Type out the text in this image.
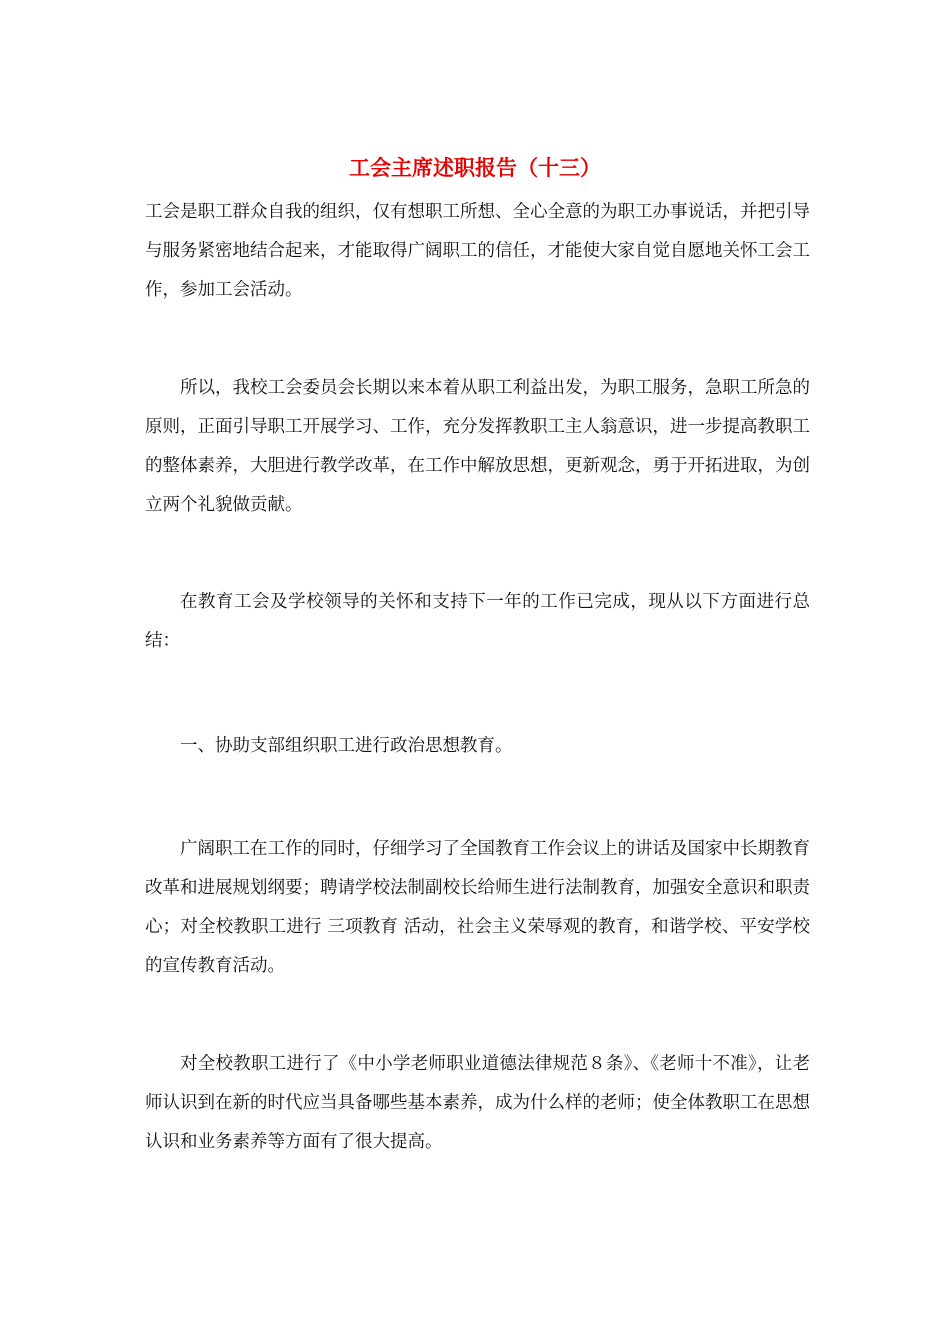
工会主席述职报告（十三）

工会是职工群众自我的组织，仅有想职工所想、全心全意的为职工办事说话，并把引导与服务紧密地结合起来，才能取得广阔职工的信任，才能使大家自觉自愿地关怀工会工作，参加工会活动。

所以，我校工会委员会长期以来本着从职工利益出发，为职工服务，急职工所急的原则，正面引导职工开展学习、工作，充分发挥教职工主人翁意识，进一步提高教职工的整体素养，大胆进行教学改革，在工作中解放思想，更新观念，勇于开拓进取，为创立两个礼貌做贡献。

在教育工会及学校领导的关怀和支持下一年的工作已完成，现从以下方面进行总结：

一、协助支部组织职工进行政治思想教育。

广阔职工在工作的同时，仔细学习了全国教育工作会议上的讲话及国家中长期教育改革和进展规划纲要；聘请学校法制副校长给师生进行法制教育，加强安全意识和职责心；对全校教职工进行 三项教育 活动，社会主义荣辱观的教育，和谐学校、平安学校的宣传教育活动。

对全校教职工进行了《中小学老师职业道德法律规范８条》、《老师十不准》，让老师认识到在新的时代应当具备哪些基本素养，成为什么样的老师；使全体教职工在思想认识和业务素养等方面有了很大提高。
